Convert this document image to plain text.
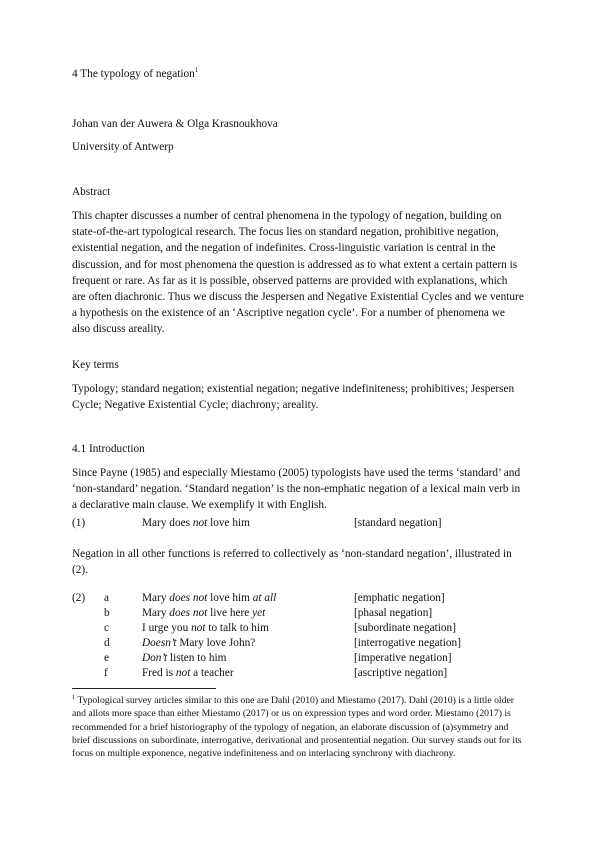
4 The typology of negation$^1$
Johan van der Auwera & Olga Krasnoukhova
University of Antwerp
Abstract

This chapter discusses a number of central phenomena in the typology of negation, building on state-of-the-art typological research. The focus lies on standard negation, prohibitive negation, existential negation, and the negation of indefinites. Cross-linguistic variation is central in the discussion, and for most phenomena the question is addressed as to what extent a certain pattern is frequent or rare. As far as it is possible, observed patterns are provided with explanations, which are often diachronic. Thus we discuss the Jespersen and Negative Existential Cycles and we venture a hypothesis on the existence of an ‘Ascriptive negation cycle’. For a number of phenomena we also discuss areality.

Key terms

Typology; standard negation; existential negation; negative indefiniteness; prohibitives; Jespersen Cycle; Negative Existential Cycle; diachrony; areality.

4.1 Introduction

Since Payne (1985) and especially Miestamo (2005) typologists have used the terms ‘standard’ and ‘non-standard’ negation. ‘Standard negation’ is the non-emphatic negation of a lexical main verb in a declarative main clause. We exemplify it with English.

(1)	Mary does not love him	[standard negation]

Negation in all other functions is referred to collectively as ‘non-standard negation’, illustrated in (2).

(2) a	Mary does not love him at all	[emphatic negation]
b	Mary does not live here yet	[phasal negation]
c	I urge you not to talk to him	[subordinate negation]
d	Doesn’t Mary love John?	[interrogative negation]
e	Don’t listen to him	[imperative negation]
f	Fred is not a teacher	[ascriptive negation]

$^1$ Typological survey articles similar to this one are Dahl (2010) and Miestamo (2017). Dahl (2010) is a little older and allots more space than either Miestamo (2017) or us on expression types and word order. Miestamo (2017) is recommended for a brief historiography of the typology of negation, an elaborate discussion of (a)symmetry and brief discussions on subordinate, interrogative, derivational and prosentential negation. Our survey stands out for its focus on multiple exponence, negative indefiniteness and on interlacing synchrony with diachrony.
